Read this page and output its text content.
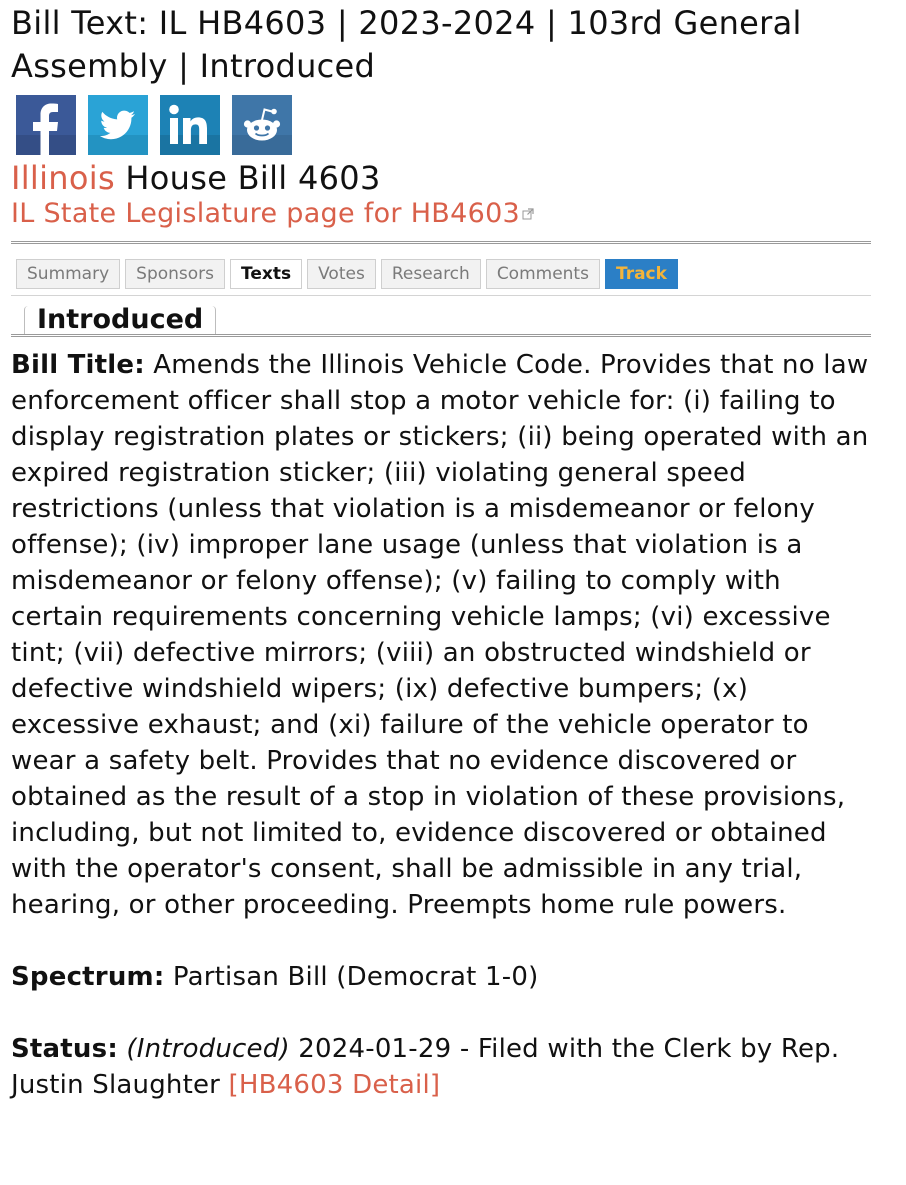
Bill Text: IL HB4603 | 2023-2024 | 103rd General Assembly | Introduced
Illinois House Bill 4603
IL State Legislature page for HB4603
Summary	Sponsors	Texts	Votes	Research	Comments	Track
Introduced

Bill Title: Amends the Illinois Vehicle Code. Provides that no law enforcement officer shall stop a motor vehicle for: (i) failing to display registration plates or stickers; (ii) being operated with an expired registration sticker; (iii) violating general speed restrictions (unless that violation is a misdemeanor or felony offense); (iv) improper lane usage (unless that violation is a misdemeanor or felony offense); (v) failing to comply with certain requirements concerning vehicle lamps; (vi) excessive tint; (vii) defective mirrors; (viii) an obstructed windshield or defective windshield wipers; (ix) defective bumpers; (x) excessive exhaust; and (xi) failure of the vehicle operator to wear a safety belt. Provides that no evidence discovered or obtained as the result of a stop in violation of these provisions, including, but not limited to, evidence discovered or obtained with the operator's consent, shall be admissible in any trial, hearing, or other proceeding. Preempts home rule powers.

Spectrum: Partisan Bill (Democrat 1-0)

Status: (Introduced) 2024-01-29 - Filed with the Clerk by Rep. Justin Slaughter [HB4603 Detail]
